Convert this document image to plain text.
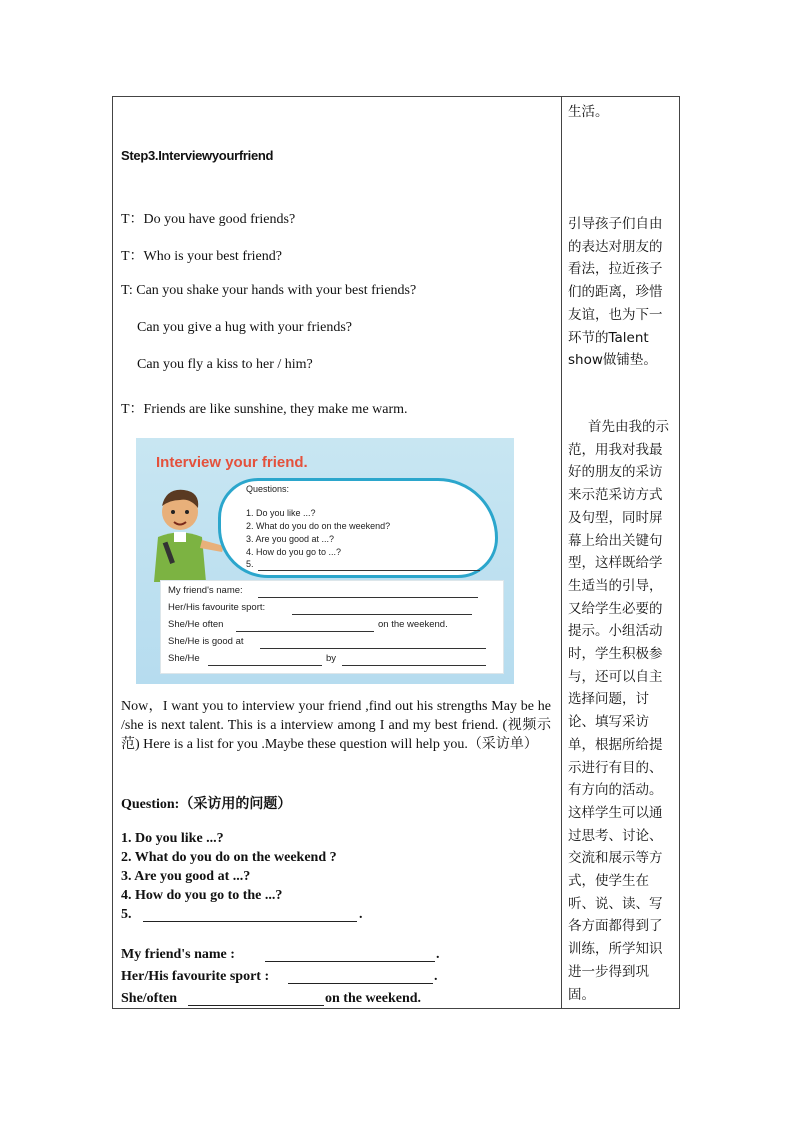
Step3.Interviewyourfriend
T：Do you have good friends?
T：Who is your best friend?
T: Can you shake your hands with your best friends?
Can you give a hug with your friends?
Can you fly a kiss to her / him?
T：Friends are like sunshine, they make me warm.
Interview your friend.
Questions:
1. Do you like ...?
2. What do you do on the weekend?
3. Are you good at ...?
4. How do you go to ...?
5.
My friend's name:
Her/His favourite sport:
She/He often	on the weekend.
She/He is good at
She/He	by
Now，I want you to interview your friend ,find out his strengths May be he /she is next talent. This is a interview among I and my best friend. (视频示范) Here is a list for you .Maybe these question will help you.（采访单）
Question:（采访用的问题）
1. Do you like ...?
2. What do you do on the weekend ?
3. Are you good at ...?
4. How do you go to the ...?
5.	.
My friend's name :	.
Her/His favourite sport :	.
She/often	on the weekend.
生活。
引导孩子们自由
的表达对朋友的
看法，拉近孩子
们的距离，珍惜
友谊，也为下一
环节的Talent
show做铺垫。
首先由我的示
范，用我对我最
好的朋友的采访
来示范采访方式
及句型，同时屏
幕上给出关键句
型，这样既给学
生适当的引导，
又给学生必要的
提示。小组活动
时，学生积极参
与，还可以自主
选择问题，讨
论、填写采访
单，根据所给提
示进行有目的、
有方向的活动。
这样学生可以通
过思考、讨论、
交流和展示等方
式，使学生在
听、说、读、写
各方面都得到了
训练，所学知识
进一步得到巩
固。
